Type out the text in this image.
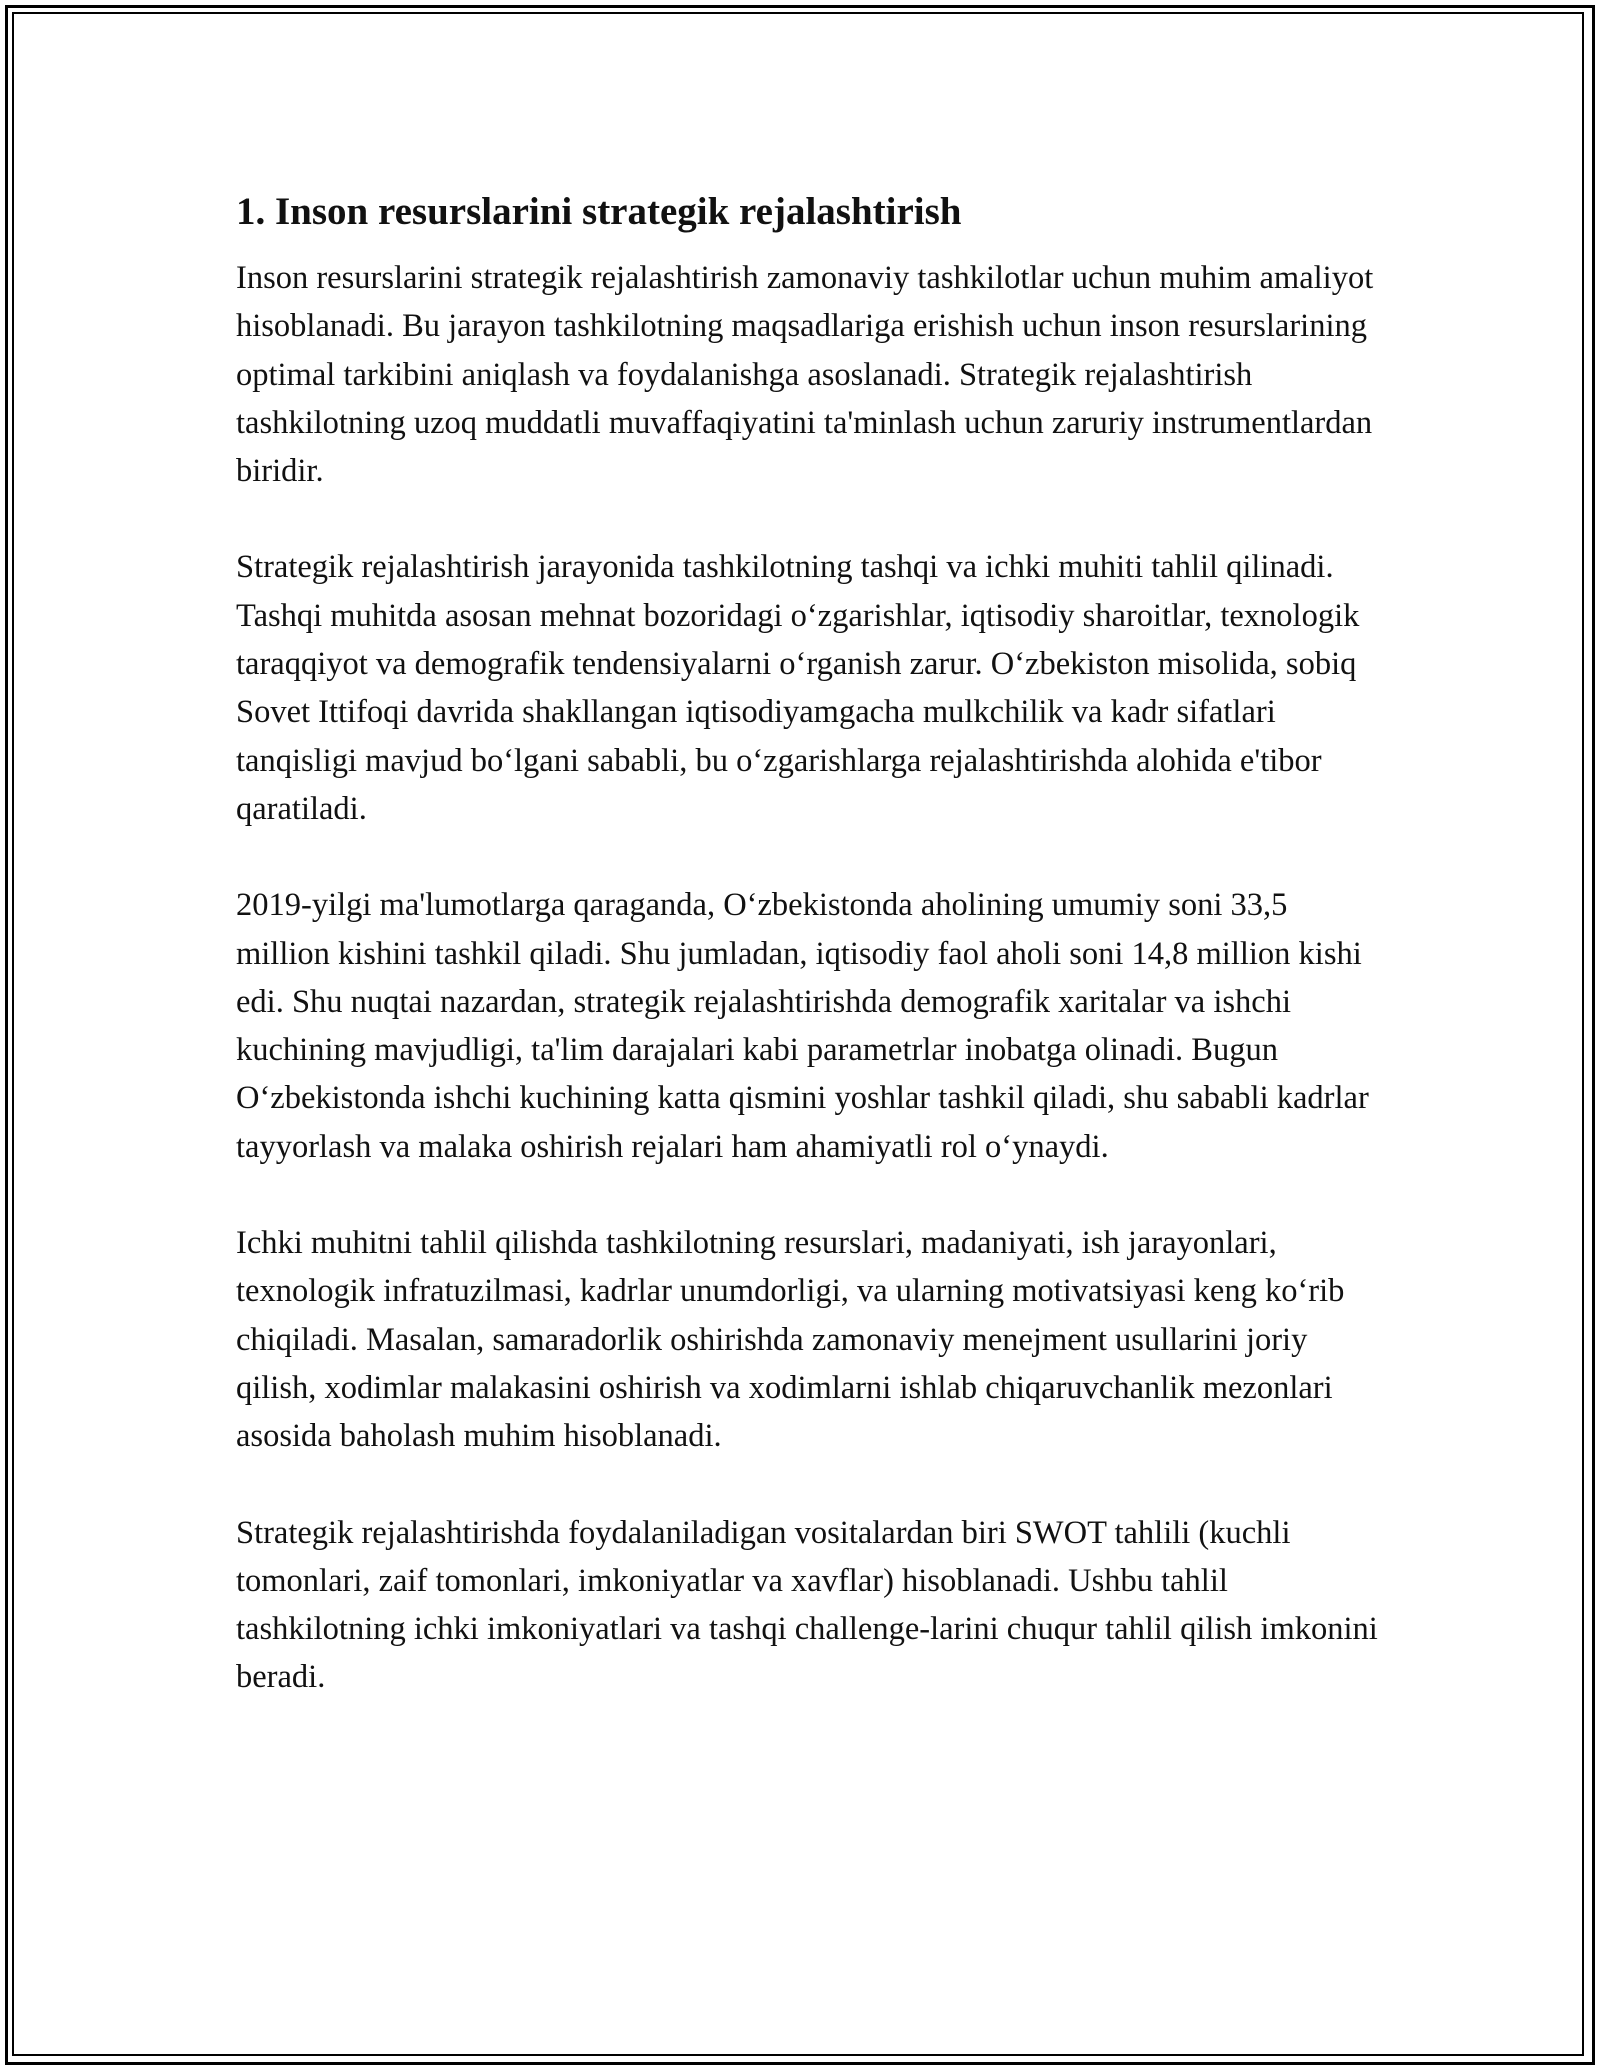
1. Inson resurslarini strategik rejalashtirish

Inson resurslarini strategik rejalashtirish zamonaviy tashkilotlar uchun muhim amaliyot hisoblanadi. Bu jarayon tashkilotning maqsadlariga erishish uchun inson resurslarining optimal tarkibini aniqlash va foydalanishga asoslanadi. Strategik rejalashtirish tashkilotning uzoq muddatli muvaffaqiyatini ta'minlash uchun zaruriy instrumentlardan biridir.

Strategik rejalashtirish jarayonida tashkilotning tashqi va ichki muhiti tahlil qilinadi. Tashqi muhitda asosan mehnat bozoridagi o‘zgarishlar, iqtisodiy sharoitlar, texnologik taraqqiyot va demografik tendensiyalarni o‘rganish zarur. O‘zbekiston misolida, sobiq Sovet Ittifoqi davrida shakllangan iqtisodiyamgacha mulkchilik va kadr sifatlari tanqisligi mavjud bo‘lgani sababli, bu o‘zgarishlarga rejalashtirishda alohida e'tibor qaratiladi.

2019-yilgi ma'lumotlarga qaraganda, O‘zbekistonda aholining umumiy soni 33,5 million kishini tashkil qiladi. Shu jumladan, iqtisodiy faol aholi soni 14,8 million kishi edi. Shu nuqtai nazardan, strategik rejalashtirishda demografik xaritalar va ishchi kuchining mavjudligi, ta'lim darajalari kabi parametrlar inobatga olinadi. Bugun O‘zbekistonda ishchi kuchining katta qismini yoshlar tashkil qiladi, shu sababli kadrlar tayyorlash va malaka oshirish rejalari ham ahamiyatli rol o‘ynaydi.

Ichki muhitni tahlil qilishda tashkilotning resurslari, madaniyati, ish jarayonlari, texnologik infratuzilmasi, kadrlar unumdorligi, va ularning motivatsiyasi keng ko‘rib chiqiladi. Masalan, samaradorlik oshirishda zamonaviy menejment usullarini joriy qilish, xodimlar malakasini oshirish va xodimlarni ishlab chiqaruvchanlik mezonlari asosida baholash muhim hisoblanadi.

Strategik rejalashtirishda foydalaniladigan vositalardan biri SWOT tahlili (kuchli tomonlari, zaif tomonlari, imkoniyatlar va xavflar) hisoblanadi. Ushbu tahlil tashkilotning ichki imkoniyatlari va tashqi challenge-larini chuqur tahlil qilish imkonini beradi.
